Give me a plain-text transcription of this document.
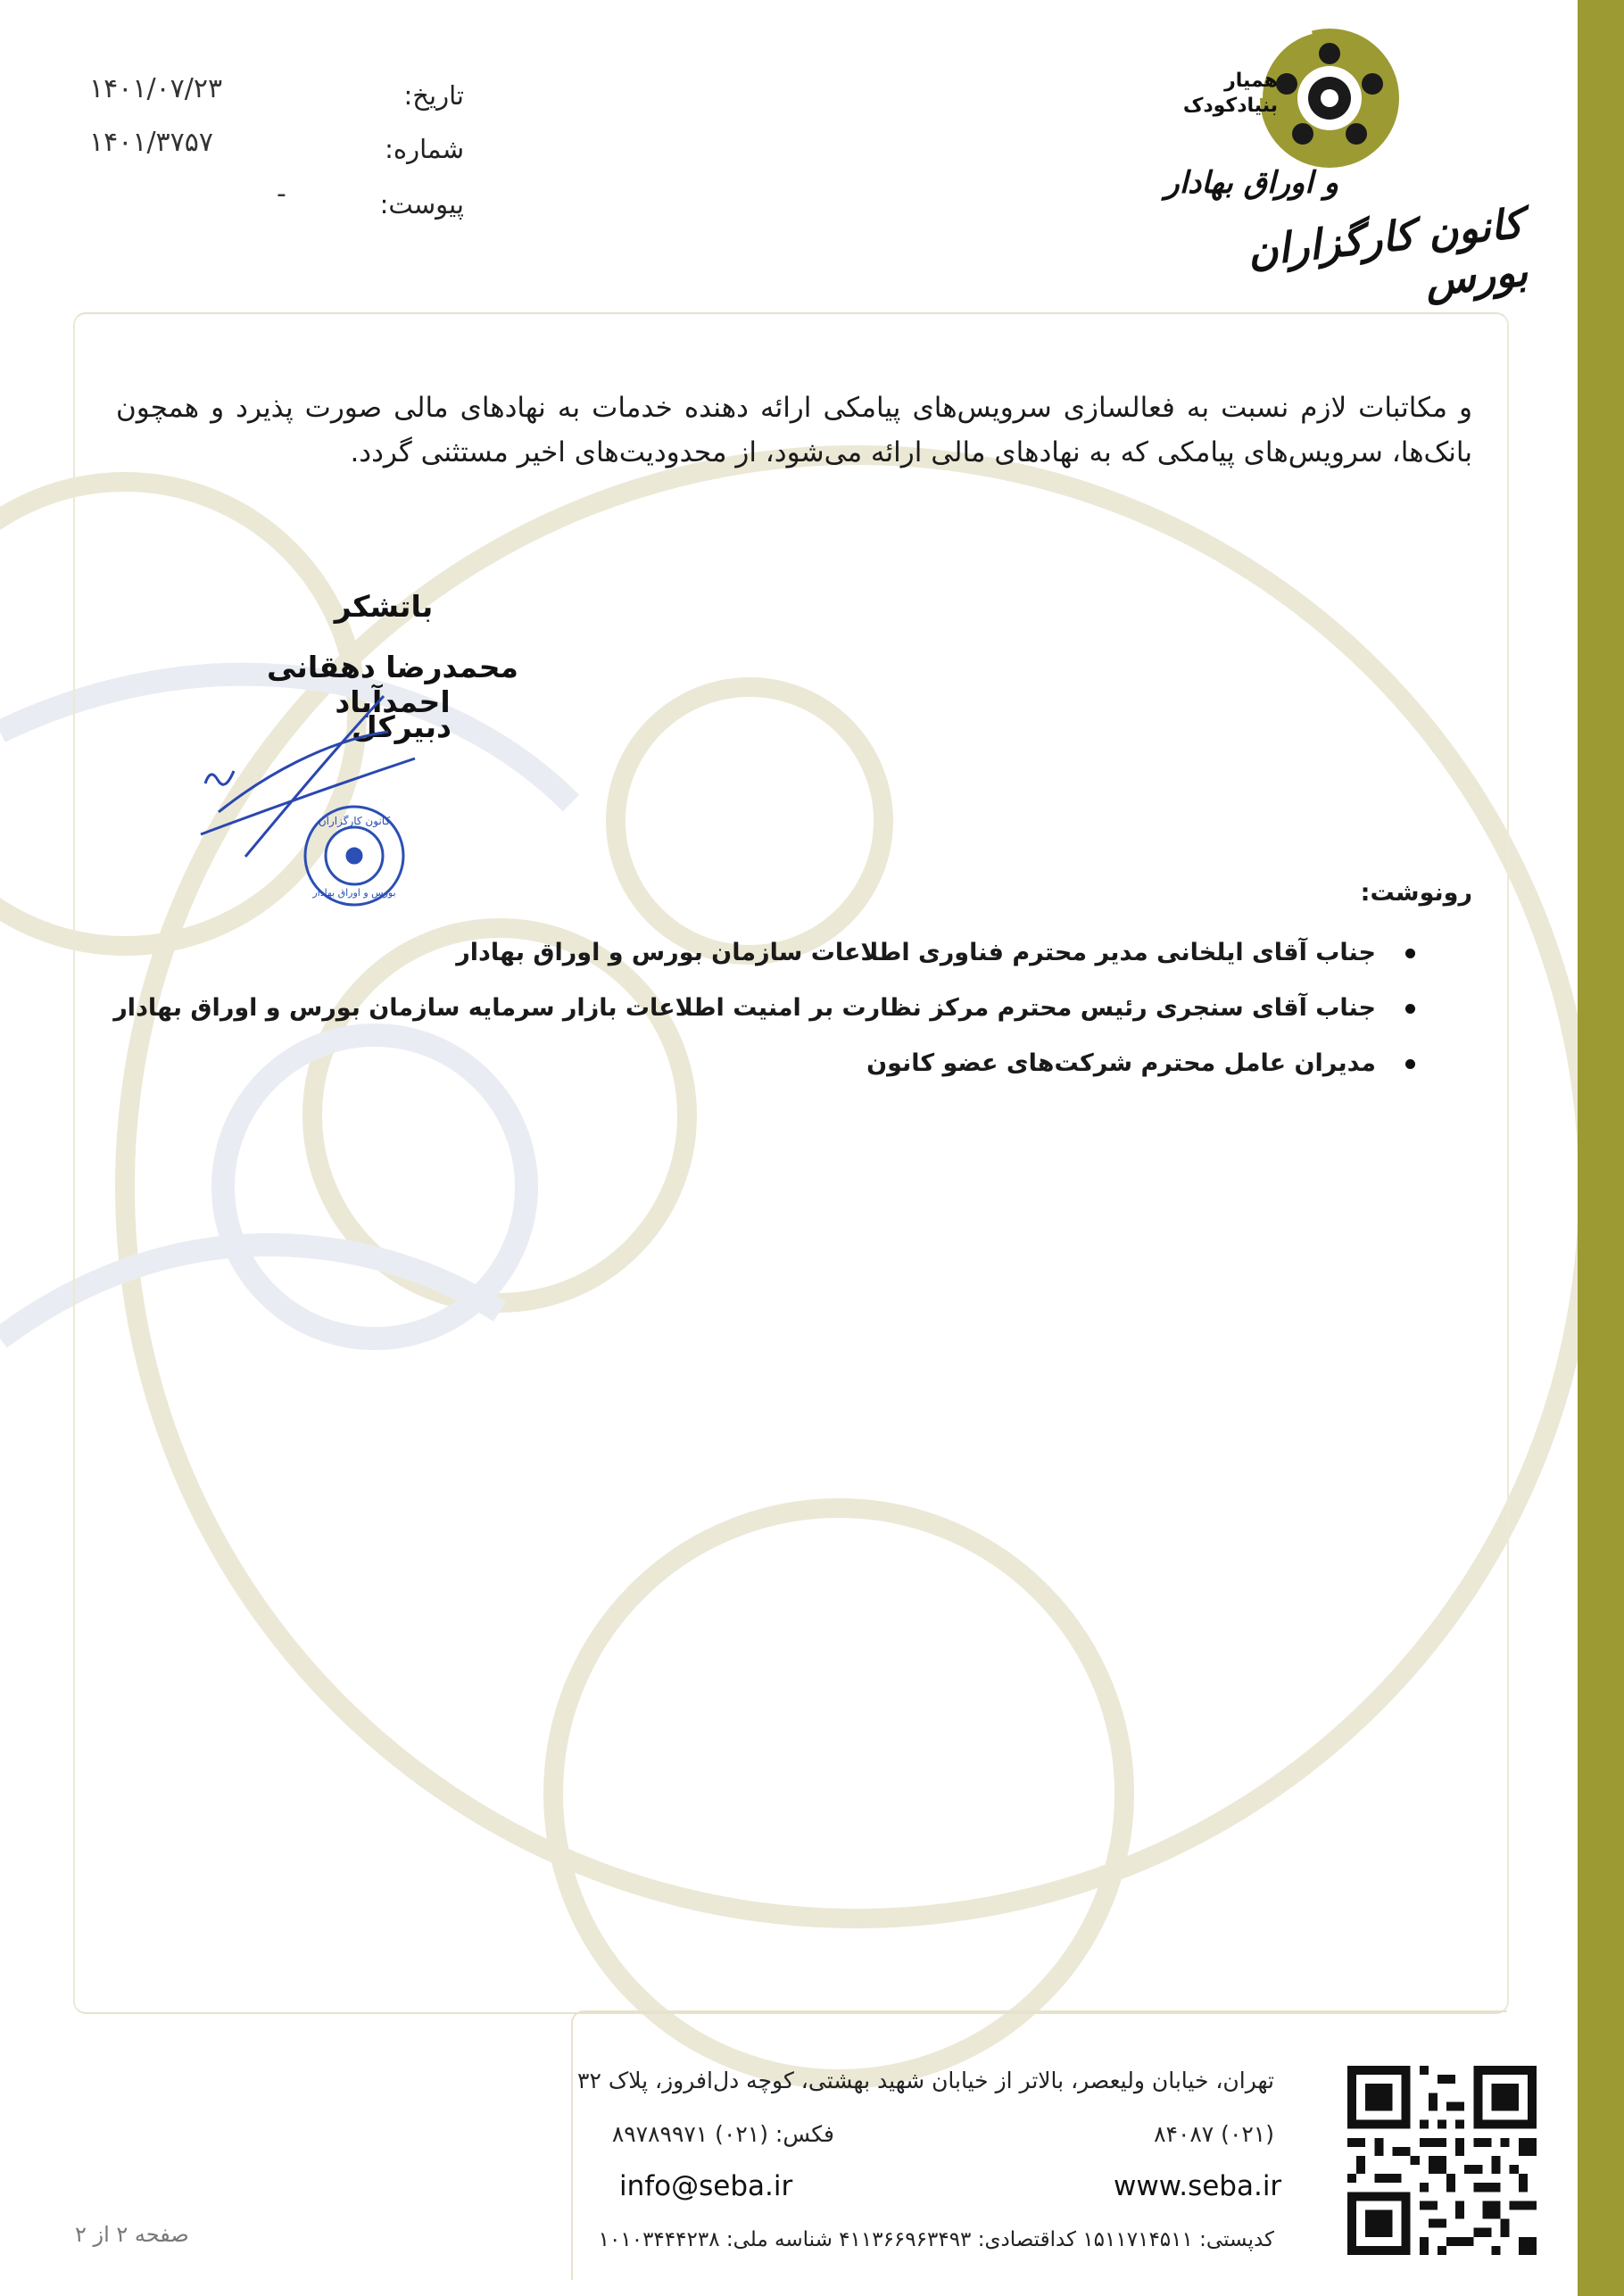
تاریخ:
۱۴۰۱/۰۷/۲۳
شماره:
۱۴۰۱/۳۷۵۷
پیوست:
-
همیار
بنیادکودک
کانون کارگزاران بورس
و اوراق بهادار
و مکاتبات لازم نسبت به فعالسازی سرویس‌های پیامکی ارائه دهنده خدمات به نهادهای مالی صورت پذیرد و همچون بانک‌ها، سرویس‌های پیامکی که به نهادهای مالی ارائه می‌شود، از محدودیت‌های اخیر مستثنی گردد.
باتشکر
محمدرضا دهقانی احمدآباد
دبیرکل
کانون کارگزاران
بورس و اوراق بهادار	رونوشت:
جناب آقای ایلخانی مدیر محترم فناوری اطلاعات سازمان بورس و اوراق بهادار
جناب آقای سنجری رئیس محترم مرکز نظارت بر امنیت اطلاعات بازار سرمایه سازمان بورس و اوراق بهادار
مدیران عامل محترم شرکت‌های عضو کانون
تهران، خیابان ولیعصر، بالاتر از خیابان شهید بهشتی، کوچه دل‌افروز، پلاک ۳۲
(۰۲۱) ۸۴۰۸۷
فکس: (۰۲۱) ۸۹۷۸۹۹۷۱
www.seba.ir
info@seba.ir
کدپستی: ۱۵۱۱۷۱۴۵۱۱ کداقتصادی: ۴۱۱۳۶۶۹۶۳۴۹۳ شناسه ملی: ۱۰۱۰۳۴۴۴۲۳۸
صفحه ۲ از ۲
